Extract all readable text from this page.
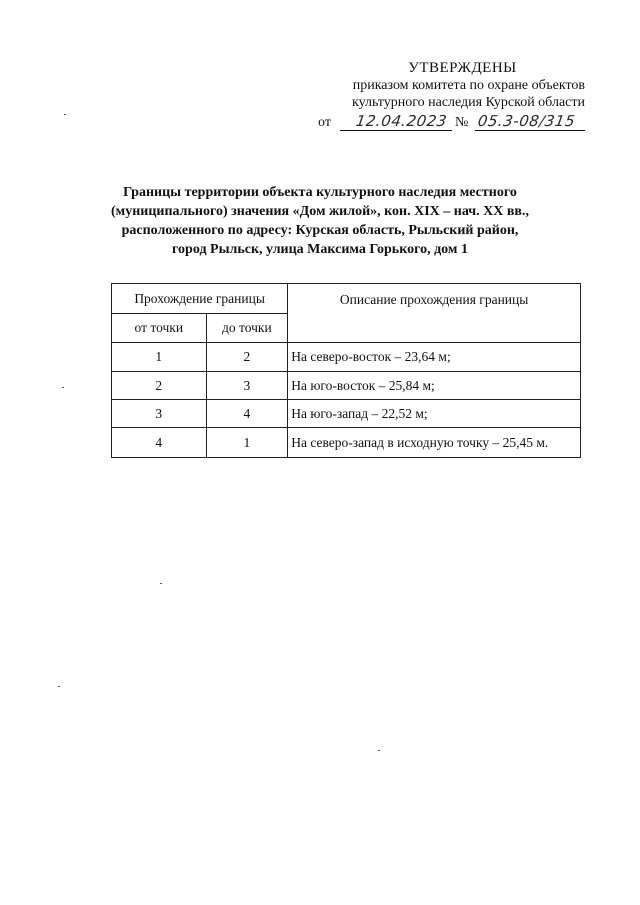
УТВЕРЖДЕНЫ
приказом комитета по охране объектов
культурного наследия Курской области
от 12.04.2023 № 05.3-08/315
Границы территории объекта культурного наследия местного
(муниципального) значения «Дом жилой», кон. XIX – нач. XX вв.,
расположенного по адресу: Курская область, Рыльский район,
город Рыльск, улица Максима Горького, дом 1
Прохождение границы		Описание прохождения границы
от точки	до точки	
1	2	На северо-восток – 23,64 м;
2	3	На юго-восток – 25,84 м;
3	4	На юго-запад – 22,52 м;
4	1	На северо-запад в исходную точку – 25,45 м.
